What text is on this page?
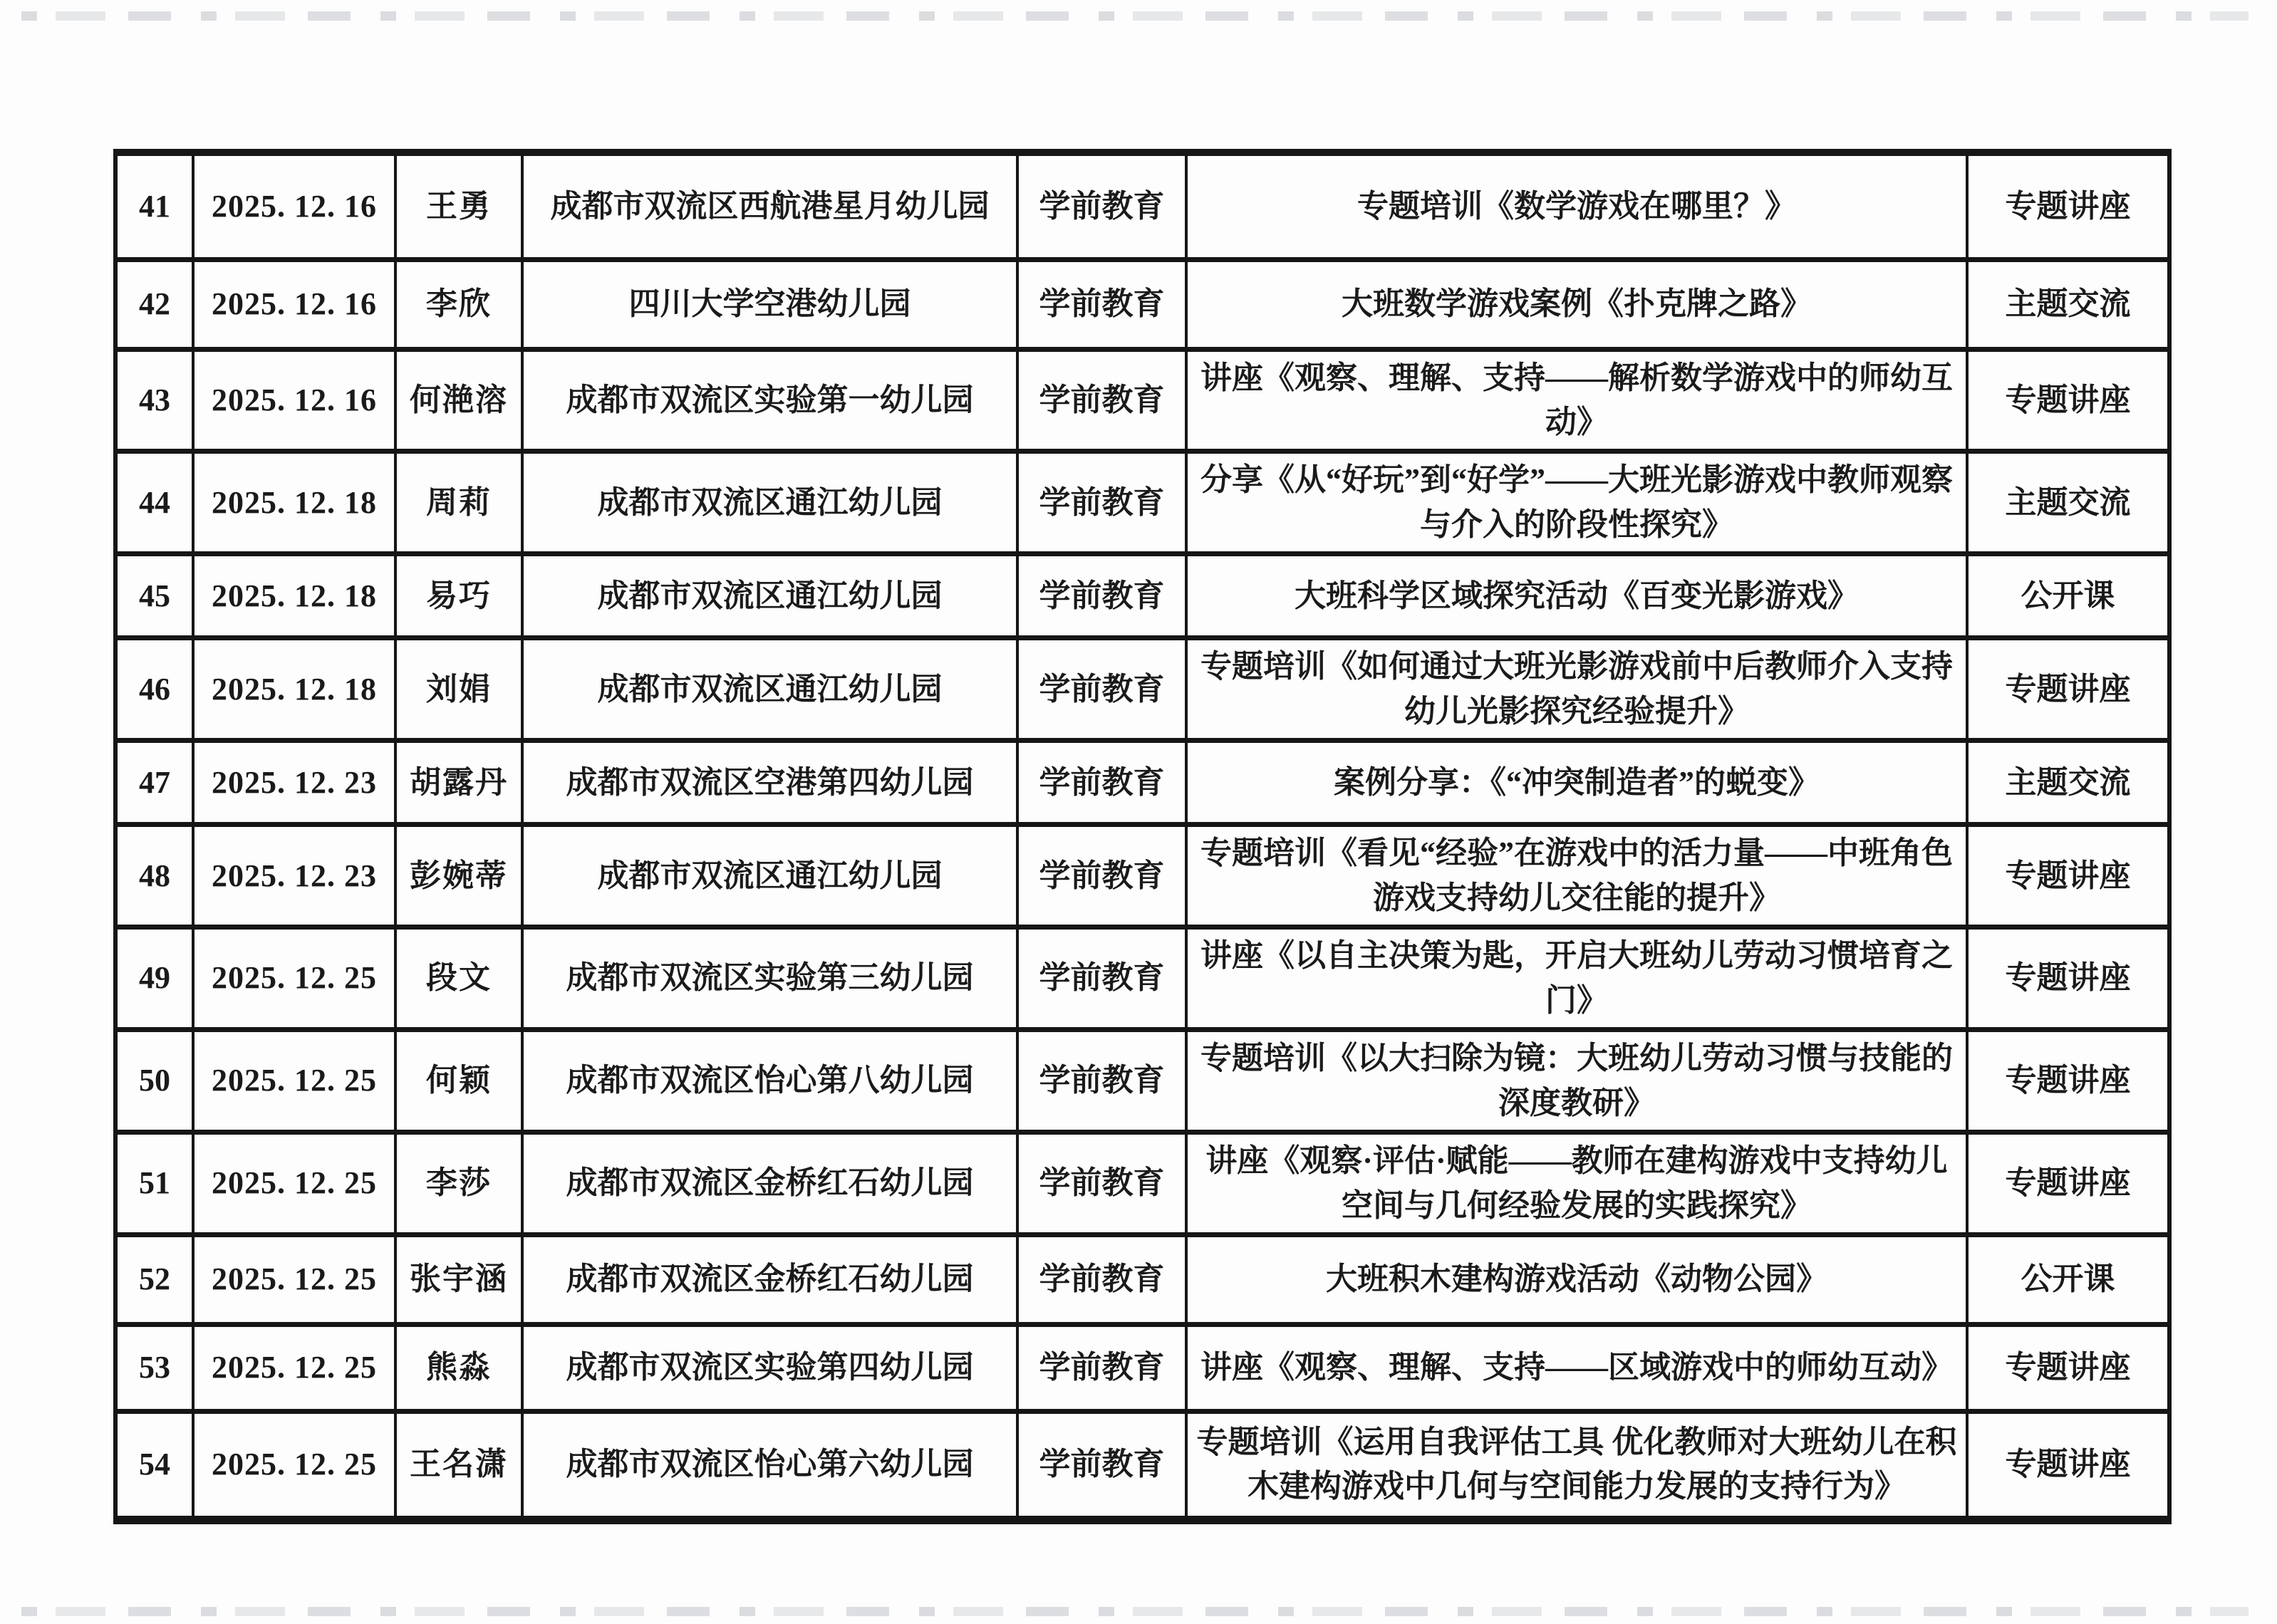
41	2025. 12. 16	王勇	成都市双流区西航港星月幼儿园	学前教育	专题培训《数学游戏在哪里？》	专题讲座
42	2025. 12. 16	李欣	四川大学空港幼儿园	学前教育	大班数学游戏案例《扑克牌之路》	主题交流
43	2025. 12. 16	何滟溶	成都市双流区实验第一幼儿园	学前教育	讲座《观察、理解、支持——解析数学游戏中的师幼互动》	专题讲座
44	2025. 12. 18	周莉	成都市双流区通江幼儿园	学前教育	分享《从“好玩”到“好学”——大班光影游戏中教师观察与介入的阶段性探究》	主题交流
45	2025. 12. 18	易巧	成都市双流区通江幼儿园	学前教育	大班科学区域探究活动《百变光影游戏》	公开课
46	2025. 12. 18	刘娟	成都市双流区通江幼儿园	学前教育	专题培训《如何通过大班光影游戏前中后教师介入支持幼儿光影探究经验提升》	专题讲座
47	2025. 12. 23	胡露丹	成都市双流区空港第四幼儿园	学前教育	案例分享：《“冲突制造者”的蜕变》	主题交流
48	2025. 12. 23	彭婉蒂	成都市双流区通江幼儿园	学前教育	专题培训《看见“经验”在游戏中的活力量——中班角色游戏支持幼儿交往能的提升》	专题讲座
49	2025. 12. 25	段文	成都市双流区实验第三幼儿园	学前教育	讲座《以自主决策为匙，开启大班幼儿劳动习惯培育之门》	专题讲座
50	2025. 12. 25	何颖	成都市双流区怡心第八幼儿园	学前教育	专题培训《以大扫除为镜：大班幼儿劳动习惯与技能的深度教研》	专题讲座
51	2025. 12. 25	李莎	成都市双流区金桥红石幼儿园	学前教育	讲座《观察·评估·赋能——教师在建构游戏中支持幼儿空间与几何经验发展的实践探究》	专题讲座
52	2025. 12. 25	张宇涵	成都市双流区金桥红石幼儿园	学前教育	大班积木建构游戏活动《动物公园》	公开课
53	2025. 12. 25	熊淼	成都市双流区实验第四幼儿园	学前教育	讲座《观察、理解、支持——区域游戏中的师幼互动》	专题讲座
54	2025. 12. 25	王名潇	成都市双流区怡心第六幼儿园	学前教育	专题培训《运用自我评估工具 优化教师对大班幼儿在积木建构游戏中几何与空间能力发展的支持行为》	专题讲座
